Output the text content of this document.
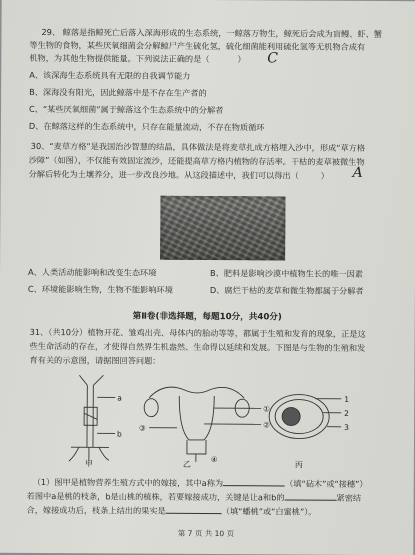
29、 鲸落是指鲸死亡后落入深海形成的生态系统，一鲸落万物生，鲸死后会成为盲鳗、虾、蟹
等生物的食物，某些厌氧细菌会分解鲸尸产生硫化氢，硫化细菌能利用硫化氢等无机物合成有
机物，为其他生物提供能量。下列说法正确的是（	） C
A、该深海生态系统具有无限的自我调节能力
B、深海没有阳光，因此鲸落中是不存在生产者的
C、“某些厌氧细菌”属于鲸落这个生态系统中的分解者
D、在鲸落这样的生态系统中，只存在能量流动，不存在物质循环
30、“麦草方格”是我国治沙智慧的结晶，具体做法是将麦草扎成方格埋入沙中，形成“草方格
沙障”（如图），不仅能有效固定流沙，还能提高草方格内植物的存活率。干枯的麦草被微生物
分解后转化为土壤养分，进一步改良沙地。从这段描述中，我们可以得出（	） A
A、人类活动能影响和改变生态环境	B、肥料是影响沙漠中植物生长的唯一因素
C、环境能影响生物，生物不能影响环境	D、腐烂干枯的麦草和微生物都属于分解者
第Ⅱ卷(非选择题，每题10分，共40分)
31、（共10分）植物开花、雏鸡出壳、母体内的胎动等等，都属于生殖和发育的现象，正是这
些生命活动的存在，才使得自然界生机盎然、生命得以延续和发展。下图是与生物的生殖和发
育有关的示意图，请据图回答问题：
a
b
甲
①
②
③
④
乙
1
2
3
丙
（1）图甲是植物营养生殖方式中的嫁接，其中a称为	（填“砧木”或“接穗”）
若图中a是桃的枝条，b是山桃的植株，若要嫁接成功，关键是让a和b的	紧密结
合，嫁接成功后，枝条上结出的果实是	（填“蟠桃”或“白蜜桃”）。
第 7 页 共 10 页
